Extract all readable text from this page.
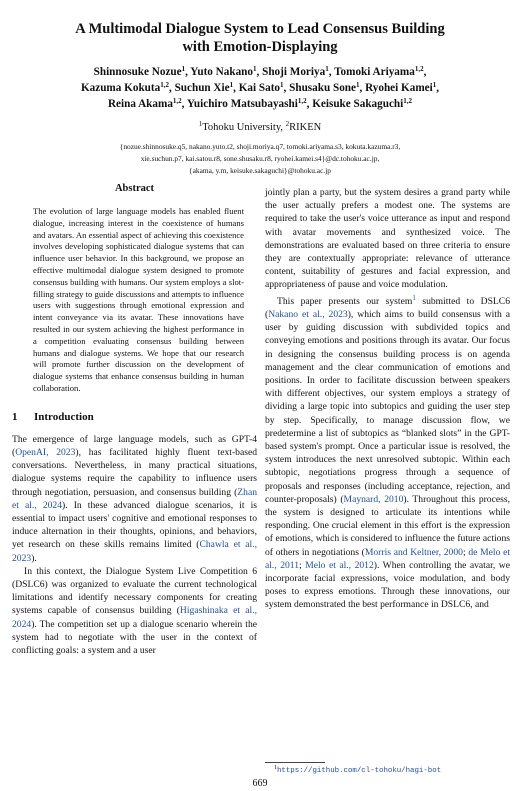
A Multimodal Dialogue System to Lead Consensus Building
with Emotion-Displaying
Shinnosuke Nozue$^1$, Yuto Nakano$^1$, Shoji Moriya$^1$, Tomoki Ariyama$^{1,2}$,
Kazuma Kokuta$^{1,2}$, Suchun Xie$^1$, Kai Sato$^1$, Shusaku Sone$^1$, Ryohei Kamei$^1$,
Reina Akama$^{1,2}$, Yuichiro Matsubayashi$^{1,2}$, Keisuke Sakaguchi$^{1,2}$
$^1$Tohoku University, $^2$RIKEN
{nozue.shinnosuke.q5, nakano.yuto.t2, shoji.moriya.q7, tomoki.ariyama.s3, kokuta.kazuma.r3,
xie.suchun.p7, kai.satou.r8, sone.shusaku.r8, ryohei.kamei.s4}@dc.tohoku.ac.jp,
{akama, y.m, keisuke.sakaguchi}@tohoku.ac.jp
Abstract

The evolution of large language models has enabled fluent dialogue, increasing interest in the coexistence of humans and avatars. An essential aspect of achieving this coexistence involves developing sophisticated dialogue systems that can influence user behavior. In this background, we propose an effective multimodal dialogue system designed to promote consensus building with humans. Our system employs a slot-filling strategy to guide discussions and attempts to influence users with suggestions through emotional expression and intent conveyance via its avatar. These innovations have resulted in our system achieving the highest performance in a competition evaluating consensus building between humans and dialogue systems. We hope that our research will promote further discussion on the development of dialogue systems that enhance consensus building in human collaboration.

1 Introduction

The emergence of large language models, such as GPT-4 (OpenAI, 2023), has facilitated highly fluent text-based conversations. Nevertheless, in many practical situations, dialogue systems require the capability to influence users through negotiation, persuasion, and consensus building (Zhan et al., 2024). In these advanced dialogue scenarios, it is essential to impact users' cognitive and emotional responses to induce alternation in their thoughts, opinions, and behaviors, yet research on these skills remains limited (Chawla et al., 2023).

In this context, the Dialogue System Live Competition 6 (DSLC6) was organized to evaluate the current technological limitations and identify necessary components for creating systems capable of consensus building (Higashinaka et al., 2024). The competition set up a dialogue scenario wherein the system had to negotiate with the user in the context of conflicting goals: a system and a user

jointly plan a party, but the system desires a grand party while the user actually prefers a modest one. The systems are required to take the user's voice utterance as input and respond with avatar movements and synthesized voice. The demonstrations are evaluated based on three criteria to ensure they are contextually appropriate: relevance of utterance content, suitability of gestures and facial expression, and appropriateness of pause and voice modulation.

This paper presents our system$^1$ submitted to DSLC6 (Nakano et al., 2023), which aims to build consensus with a user by guiding discussion with subdivided topics and conveying emotions and positions through its avatar. Our focus in designing the consensus building process is on agenda management and the clear communication of emotions and positions. In order to facilitate discussion between speakers with different objectives, our system employs a strategy of dividing a large topic into subtopics and guiding the user step by step. Specifically, to manage discussion flow, we predetermine a list of subtopics as “blanked slots” in the GPT-based system's prompt. Once a particular issue is resolved, the system introduces the next unresolved subtopic. Within each subtopic, negotiations progress through a sequence of proposals and responses (including acceptance, rejection, and counter-proposals) (Maynard, 2010). Throughout this process, the system is designed to articulate its intentions while responding. One crucial element in this effort is the expression of emotions, which is considered to influence the future actions of others in negotiations (Morris and Keltner, 2000; de Melo et al., 2011; Melo et al., 2012). When controlling the avatar, we incorporate facial expressions, voice modulation, and body poses to express emotions. Through these innovations, our system demonstrated the best performance in DSLC6, and

$^1$https://github.com/cl-tohoku/hagi-bot
669
